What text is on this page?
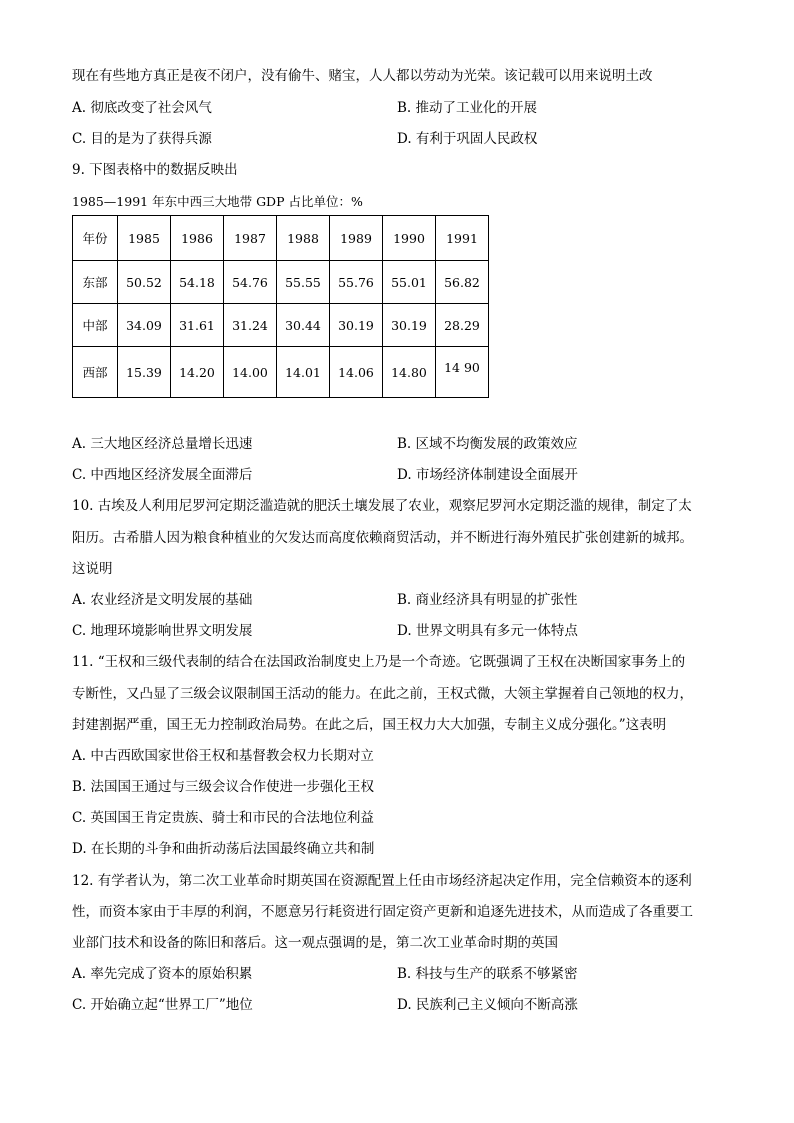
现在有些地方真正是夜不闭户，没有偷牛、赌宝，人人都以劳动为光荣。该记载可以用来说明土改
A. 彻底改变了社会风气	B. 推动了工业化的开展
C. 目的是为了获得兵源	D. 有利于巩固人民政权
9. 下图表格中的数据反映出
1985—1991 年东中西三大地带 GDP 占比单位：%
年份	1985	1986	1987	1988	1989	1990	1991
东部	50.52	54.18	54.76	55.55	55.76	55.01	56.82
中部	34.09	31.61	31.24	30.44	30.19	30.19	28.29
西部	15.39	14.20	14.00	14.01	14.06	14.80	14 90
A. 三大地区经济总量增长迅速	B. 区域不均衡发展的政策效应
C. 中西地区经济发展全面滞后	D. 市场经济体制建设全面展开
10. 古埃及人利用尼罗河定期泛滥造就的肥沃土壤发展了农业，观察尼罗河水定期泛滥的规律，制定了太
阳历。古希腊人因为粮食种植业的欠发达而高度依赖商贸活动，并不断进行海外殖民扩张创建新的城邦。
这说明
A. 农业经济是文明发展的基础	B. 商业经济具有明显的扩张性
C. 地理环境影响世界文明发展	D. 世界文明具有多元一体特点
11. “王权和三级代表制的结合在法国政治制度史上乃是一个奇迹。它既强调了王权在决断国家事务上的
专断性，又凸显了三级会议限制国王活动的能力。在此之前，王权式微，大领主掌握着自己领地的权力，
封建割据严重，国王无力控制政治局势。在此之后，国王权力大大加强，专制主义成分强化。”这表明
A. 中古西欧国家世俗王权和基督教会权力长期对立
B. 法国国王通过与三级会议合作使进一步强化王权
C. 英国国王肯定贵族、骑士和市民的合法地位利益
D. 在长期的斗争和曲折动荡后法国最终确立共和制
12. 有学者认为，第二次工业革命时期英国在资源配置上任由市场经济起决定作用，完全信赖资本的逐利
性，而资本家由于丰厚的利润，不愿意另行耗资进行固定资产更新和追逐先进技术，从而造成了各重要工
业部门技术和设备的陈旧和落后。这一观点强调的是，第二次工业革命时期的英国
A. 率先完成了资本的原始积累	B. 科技与生产的联系不够紧密
C. 开始确立起“世界工厂”地位	D. 民族利己主义倾向不断高涨
